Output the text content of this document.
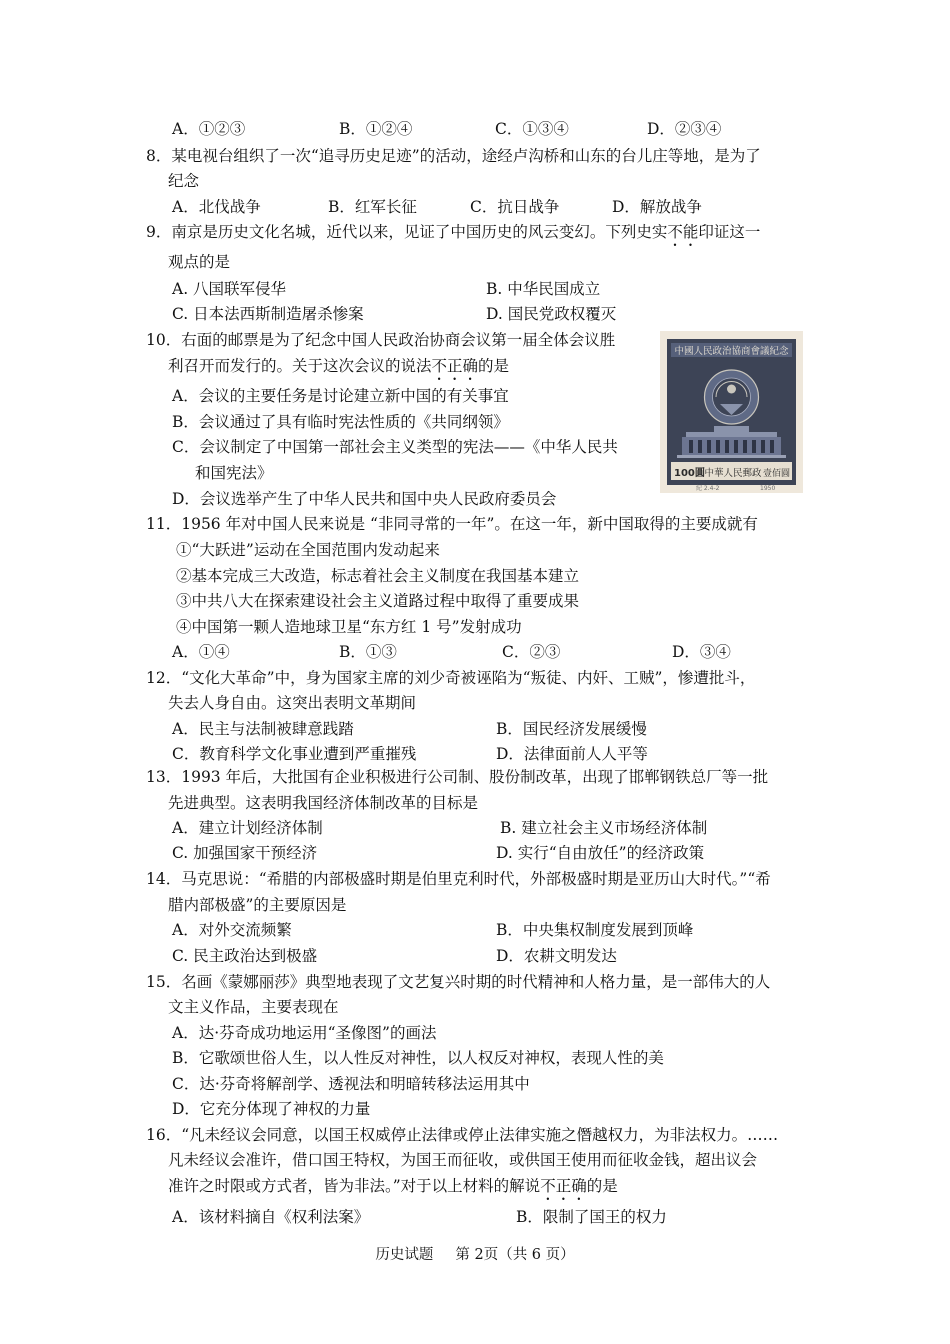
A．①②③	B．①②④	C．①③④	D．②③④
8．某电视台组织了一次“追寻历史足迹”的活动，途经卢沟桥和山东的台儿庄等地，是为了
纪念
A．北伐战争	B．红军长征	C．抗日战争	D．解放战争
9．南京是历史文化名城，近代以来，见证了中国历史的风云变幻。下列史实不能印证这一
观点的是
A. 八国联军侵华	B. 中华民国成立
C. 日本法西斯制造屠杀惨案	D. 国民党政权覆灭
10．右面的邮票是为了纪念中国人民政治协商会议第一届全体会议胜
利召开而发行的。关于这次会议的说法不正确的是
A．会议的主要任务是讨论建立新中国的有关事宜
B．会议通过了具有临时宪法性质的《共同纲领》
C．会议制定了中国第一部社会主义类型的宪法——《中华人民共
和国宪法》
D．会议选举产生了中华人民共和国中央人民政府委员会
中國人民政治協商會議紀念
100圓 中華人民郵政 壹佰圓
紀 2.4-2	1950
11．1956 年对中国人民来说是 “非同寻常的一年”。在这一年，新中国取得的主要成就有
①“大跃进”运动在全国范围内发动起来
②基本完成三大改造，标志着社会主义制度在我国基本建立
③中共八大在探索建设社会主义道路过程中取得了重要成果
④中国第一颗人造地球卫星“东方红 1 号”发射成功
A．①④	B．①③	C．②③	D．③④
12．“文化大革命”中，身为国家主席的刘少奇被诬陷为“叛徒、内奸、工贼”，惨遭批斗，
失去人身自由。这突出表明文革期间
A．民主与法制被肆意践踏	B．国民经济发展缓慢
C．教育科学文化事业遭到严重摧残	D．法律面前人人平等
13．1993 年后，大批国有企业积极进行公司制、股份制改革，出现了邯郸钢铁总厂等一批
先进典型。这表明我国经济体制改革的目标是
A．建立计划经济体制	B. 建立社会主义市场经济体制
C. 加强国家干预经济	D. 实行“自由放任”的经济政策
14．马克思说：“希腊的内部极盛时期是伯里克利时代，外部极盛时期是亚历山大时代。”“希
腊内部极盛”的主要原因是
A．对外交流频繁	B．中央集权制度发展到顶峰
C. 民主政治达到极盛	D．农耕文明发达
15．名画《蒙娜丽莎》典型地表现了文艺复兴时期的时代精神和人格力量，是一部伟大的人
文主义作品，主要表现在
A．达·芬奇成功地运用“圣像图”的画法
B．它歌颂世俗人生，以人性反对神性，以人权反对神权，表现人性的美
C．达·芬奇将解剖学、透视法和明暗转移法运用其中
D．它充分体现了神权的力量
16．“凡未经议会同意，以国王权威停止法律或停止法律实施之僭越权力，为非法权力。……
凡未经议会准许，借口国王特权，为国王而征收，或供国王使用而征收金钱，超出议会
准许之时限或方式者，皆为非法。”对于以上材料的解说不正确的是
A．该材料摘自《权利法案》	B．限制了国王的权力
历史试题 第 2页（共 6 页）
